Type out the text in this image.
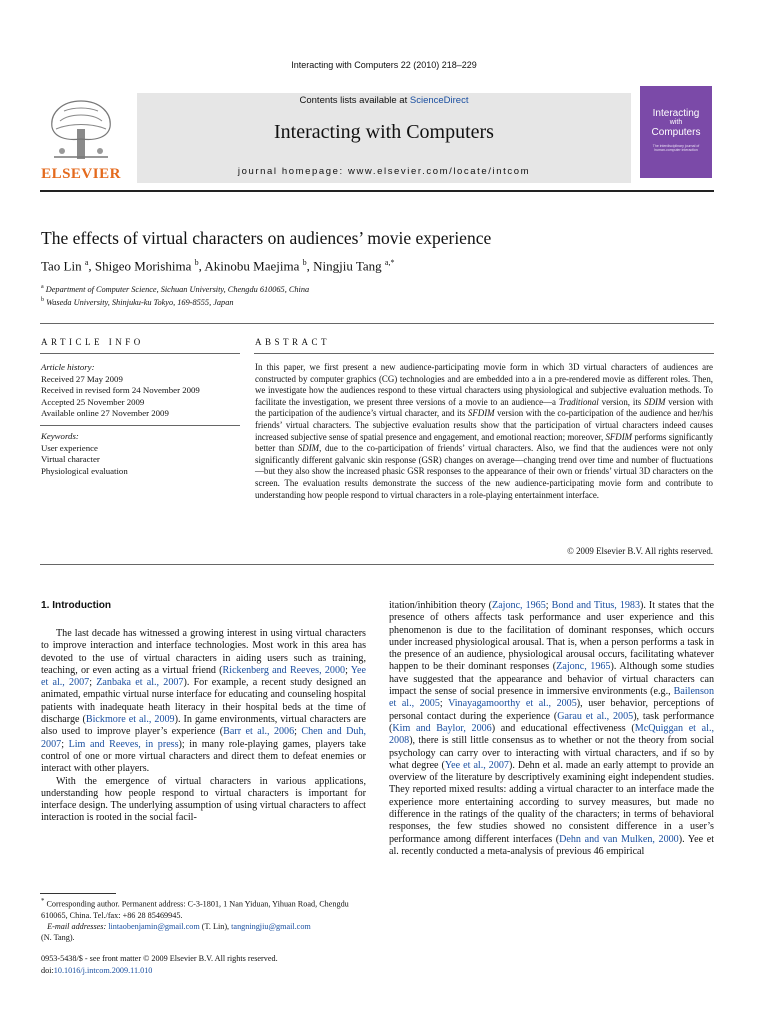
Interacting with Computers 22 (2010) 218–229
ELSEVIER
Contents lists available at ScienceDirect
Interacting with Computers
journal homepage: www.elsevier.com/locate/intcom
Interacting
with
Computers
The interdisciplinary journal of human-computer interaction
The effects of virtual characters on audiences’ movie experience
Tao Lin $^a$, Shigeo Morishima $^b$, Akinobu Maejima $^b$, Ningjiu Tang $^{a,*}$
$^a$ Department of Computer Science, Sichuan University, Chengdu 610065, China
$^b$ Waseda University, Shinjuku-ku Tokyo, 169-8555, Japan
ARTICLE INFO
Article history:
Received 27 May 2009
Received in revised form 24 November 2009
Accepted 25 November 2009
Available online 27 November 2009
Keywords:
User experience
Virtual character
Physiological evaluation
ABSTRACT
In this paper, we first present a new audience-participating movie form in which 3D virtual characters of audiences are constructed by computer graphics (CG) technologies and are embedded into a in a pre-rendered movie as different roles. Then, we investigate how the audiences respond to these virtual characters using physiological and subjective evaluation methods. To facilitate the investigation, we present three versions of a movie to an audience—a Traditional version, its SDIM version with the participation of the audience’s virtual character, and its SFDIM version with the co-participation of the audience and her/his friends’ virtual characters. The subjective evaluation results show that the participation of virtual characters indeed causes increased subjective sense of spatial presence and engagement, and emotional reaction; moreover, SFDIM performs significantly better than SDIM, due to the co-participation of friends’ virtual characters. Also, we find that the audiences were not only significantly different galvanic skin response (GSR) changes on average—changing trend over time and number of fluctuations—but they also show the increased phasic GSR responses to the appearance of their own or friends’ virtual 3D characters on the screen. The evaluation results demonstrate the success of the new audience-participating movie form and contribute to understanding how people respond to virtual characters in a role-playing entertainment interface.
© 2009 Elsevier B.V. All rights reserved.
1. Introduction

The last decade has witnessed a growing interest in using virtual characters to improve interaction and interface technologies. Most work in this area has devoted to the use of virtual characters in aiding users such as training, teaching, or even acting as a virtual friend (Rickenberg and Reeves, 2000; Yee et al., 2007; Zanbaka et al., 2007). For example, a recent study designed an animated, empathic virtual nurse interface for educating and counseling hospital patients with inadequate heath literacy in their hospital beds at the time of discharge (Bickmore et al., 2009). In game environments, virtual characters are also used to improve player’s experience (Barr et al., 2006; Chen and Duh, 2007; Lim and Reeves, in press); in many role-playing games, players take control of one or more virtual characters and direct them to defeat enemies or interact with other players.

With the emergence of virtual characters in various applications, understanding how people respond to virtual characters is important for interface design. The underlying assumption of using virtual characters to affect interaction is rooted in the social facil-

itation/inhibition theory (Zajonc, 1965; Bond and Titus, 1983). It states that the presence of others affects task performance and user experience and this phenomenon is due to the facilitation of dominant responses, which occurs under increased physiological arousal. That is, when a person performs a task in the presence of an audience, physiological arousal occurs, facilitating whatever happen to be their dominant responses (Zajonc, 1965). Although some studies have suggested that the appearance and behavior of virtual characters can impact the sense of social presence in immersive environments (e.g., Bailenson et al., 2005; Vinayagamoorthy et al., 2005), user behavior, perceptions of personal contact during the experience (Garau et al., 2005), task performance (Kim and Baylor, 2006) and educational effectiveness (McQuiggan et al., 2008), there is still little consensus as to whether or not the theory from social psychology can carry over to interacting with virtual characters, and if so by what degree (Yee et al., 2007). Dehn et al. made an early attempt to provide an overview of the literature by descriptively examining eight independent studies. They reported mixed results: adding a virtual character to an interface made the experience more entertaining according to survey measures, but made no difference in the ratings of the quality of the characters; in terms of behavioral responses, the few studies showed no consistent difference in a user’s performance among different interfaces (Dehn and van Mulken, 2000). Yee et al. recently conducted a meta-analysis of previous 46 empirical

* Corresponding author. Permanent address: C-3-1801, 1 Nan Yiduan, Yihuan Road, Chengdu 610065, China. Tel./fax: +86 28 85469945.
E-mail addresses: lintaobenjamin@gmail.com (T. Lin), tangningjiu@gmail.com
(N. Tang).
0953-5438/$ - see front matter © 2009 Elsevier B.V. All rights reserved.
doi:10.1016/j.intcom.2009.11.010
